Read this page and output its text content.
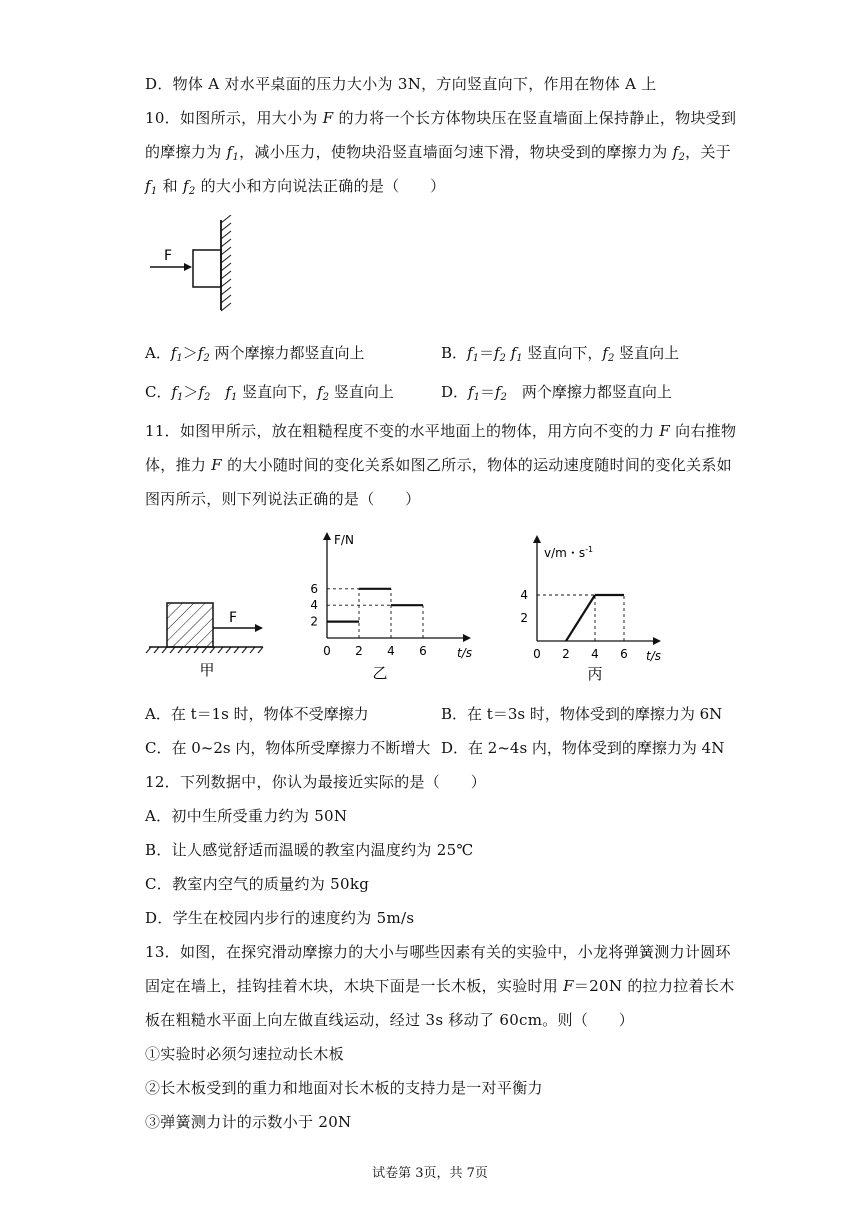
D．物体 A 对水平桌面的压力大小为 3N，方向竖直向下，作用在物体 A 上
10．如图所示，用大小为 F 的力将一个长方体物块压在竖直墙面上保持静止，物块受到
的摩擦力为 $f_1$，减小压力，使物块沿竖直墙面匀速下滑，物块受到的摩擦力为 $f_2$，关于
$f_1$ 和 $f_2$ 的大小和方向说法正确的是（　　）
F
A．$f_1>f_2$ 两个摩擦力都竖直向上	B．$f_1=f_2$ $f_1$ 竖直向下，$f_2$ 竖直向上
C．$f_1>f_2$　 $f_1$ 竖直向下，$f_2$ 竖直向上	D．$f_1=f_2$　两个摩擦力都竖直向上
11．如图甲所示，放在粗糙程度不变的水平地面上的物体，用方向不变的力 F 向右推物
体，推力 F 的大小随时间的变化关系如图乙所示，物体的运动速度随时间的变化关系如
图丙所示，则下列说法正确的是（　　）
F
甲
t/s
F/N
0 2 4 6
2
4
6
乙
t/s
v/m・$s^{-1}$
0 2 4 6
2
4
丙
A．在 t＝1s 时，物体不受摩擦力	B．在 t＝3s 时，物体受到的摩擦力为 6N
C．在 0~2s 内，物体所受摩擦力不断增大 D．在 2~4s 内，物体受到的摩擦力为 4N
12．下列数据中，你认为最接近实际的是（　　）
A．初中生所受重力约为 50N
B．让人感觉舒适而温暖的教室内温度约为 25℃
C．教室内空气的质量约为 50kg
D．学生在校园内步行的速度约为 5m/s
13．如图，在探究滑动摩擦力的大小与哪些因素有关的实验中，小龙将弹簧测力计圆环
固定在墙上，挂钩挂着木块，木块下面是一长木板，实验时用 F＝20N 的拉力拉着长木
板在粗糙水平面上向左做直线运动，经过 3s 移动了 60cm。则（　　）
①实验时必须匀速拉动长木板
②长木板受到的重力和地面对长木板的支持力是一对平衡力
③弹簧测力计的示数小于 20N
试卷第 3页，共 7页
